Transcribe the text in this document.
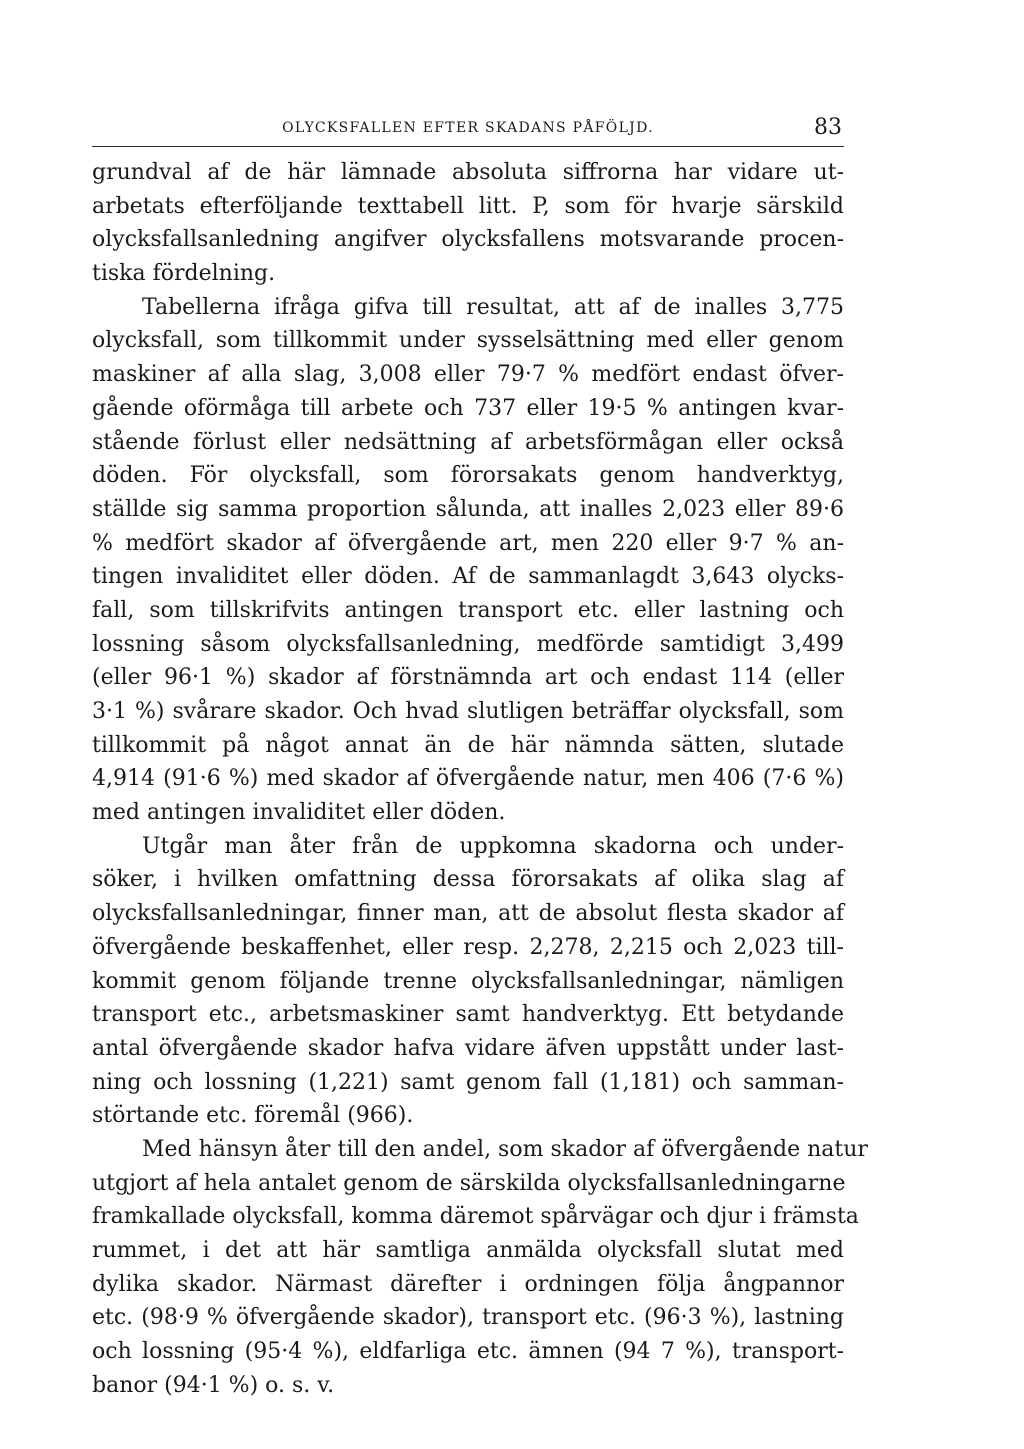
OLYCKSFALLEN EFTER SKADANS PÅFÖLJD.	83
grundval af de här lämnade absoluta siffrorna har vidare ut-
arbetats efterföljande texttabell litt. P, som för hvarje särskild
olycksfallsanledning angifver olycksfallens motsvarande procen-
tiska fördelning.
Tabellerna ifråga gifva till resultat, att af de inalles 3,775
olycksfall, som tillkommit under sysselsättning med eller genom
maskiner af alla slag, 3,008 eller 79·7 % medfört endast öfver-
gående oförmåga till arbete och 737 eller 19·5 % antingen kvar-
stående förlust eller nedsättning af arbetsförmågan eller också
döden. För olycksfall, som förorsakats genom handverktyg,
ställde sig samma proportion sålunda, att inalles 2,023 eller 89·6
% medfört skador af öfvergående art, men 220 eller 9·7 % an-
tingen invaliditet eller döden. Af de sammanlagdt 3,643 olycks-
fall, som tillskrifvits antingen transport etc. eller lastning och
lossning såsom olycksfallsanledning, medförde samtidigt 3,499
(eller 96·1 %) skador af förstnämnda art och endast 114 (eller
3·1 %) svårare skador. Och hvad slutligen beträffar olycksfall, som
tillkommit på något annat än de här nämnda sätten, slutade
4,914 (91·6 %) med skador af öfvergående natur, men 406 (7·6 %)
med antingen invaliditet eller döden.
Utgår man åter från de uppkomna skadorna och under-
söker, i hvilken omfattning dessa förorsakats af olika slag af
olycksfallsanledningar, finner man, att de absolut flesta skador af
öfvergående beskaffenhet, eller resp. 2,278, 2,215 och 2,023 till-
kommit genom följande trenne olycksfallsanledningar, nämligen
transport etc., arbetsmaskiner samt handverktyg. Ett betydande
antal öfvergående skador hafva vidare äfven uppstått under last-
ning och lossning (1,221) samt genom fall (1,181) och samman-
störtande etc. föremål (966).
Med hänsyn åter till den andel, som skador af öfvergående natur
utgjort af hela antalet genom de särskilda olycksfallsanledningarne
framkallade olycksfall, komma däremot spårvägar och djur i främsta
rummet, i det att här samtliga anmälda olycksfall slutat med
dylika skador. Närmast därefter i ordningen följa ångpannor
etc. (98·9 % öfvergående skador), transport etc. (96·3 %), lastning
och lossning (95·4 %), eldfarliga etc. ämnen (94 7 %), transport-
banor (94·1 %) o. s. v.
